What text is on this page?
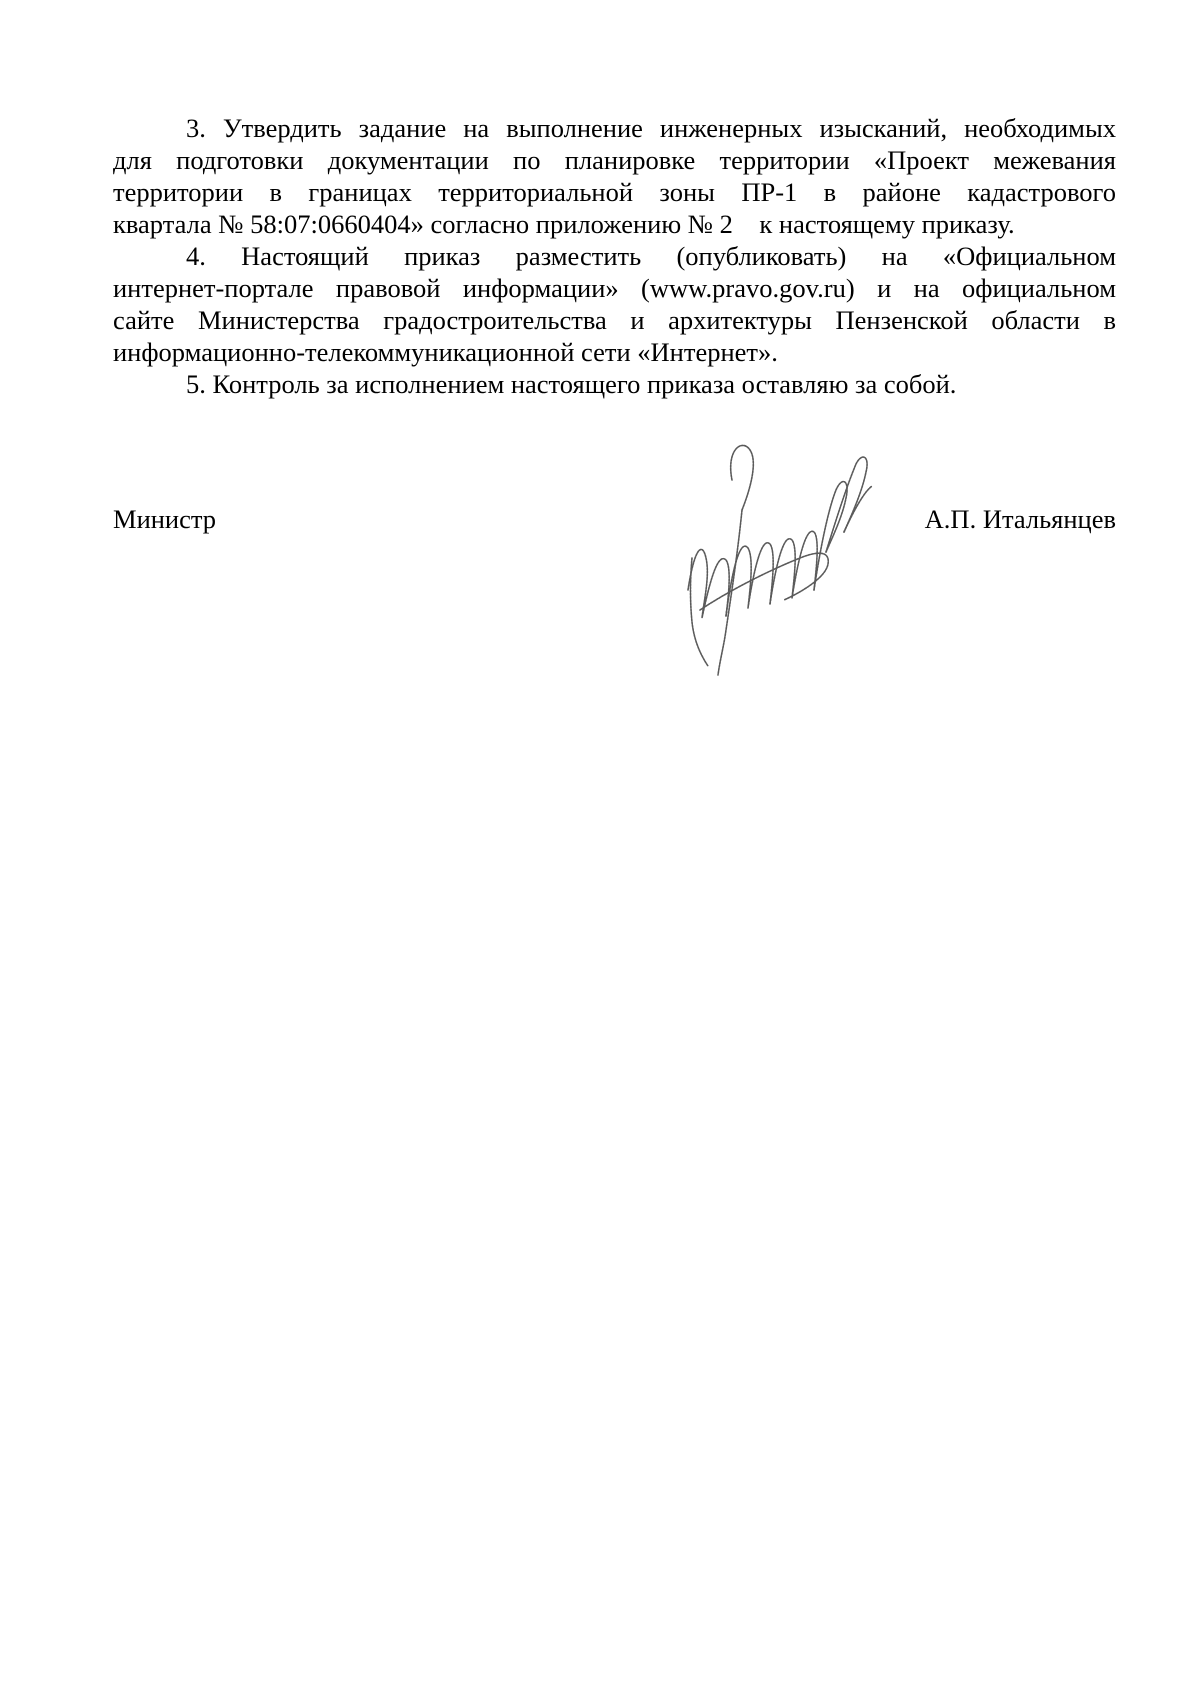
3. Утвердить задание на выполнение инженерных изысканий, необходимых
для подготовки документации по планировке территории «Проект межевания
территории в границах территориальной зоны ПР-1 в районе кадастрового
квартала № 58:07:0660404» согласно приложению № 2    к настоящему приказу.

4. Настоящий приказ разместить (опубликовать) на «Официальном
интернет-портале правовой информации» (www.pravo.gov.ru) и на официальном
сайте Министерства градостроительства и архитектуры Пензенской области в
информационно-телекоммуникационной сети «Интернет».

5. Контроль за исполнением настоящего приказа оставляю за собой.

Министр	А.П. Итальянцев
